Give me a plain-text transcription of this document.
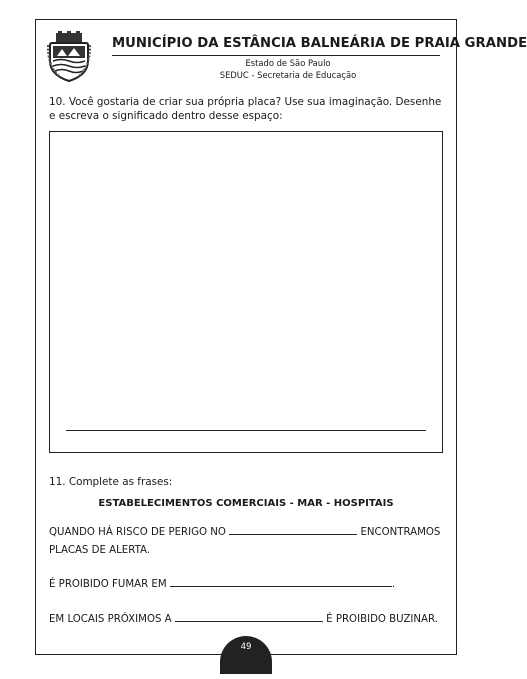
MUNICÍPIO DA ESTÂNCIA BALNEÁRIA DE PRAIA GRANDE
Estado de São Paulo
SEDUC - Secretaria de Educação
10. Você gostaria de criar sua própria placa? Use sua imaginação. Desenhe e escreva o significado dentro desse espaço:
11. Complete as frases:
ESTABELECIMENTOS COMERCIAIS - MAR - HOSPITAIS
QUANDO HÁ RISCO DE PERIGO NO	ENCONTRAMOS
PLACAS DE ALERTA.
É PROIBIDO FUMAR EM	.
EM LOCAIS PRÓXIMOS A	É PROIBIDO BUZINAR.
49
